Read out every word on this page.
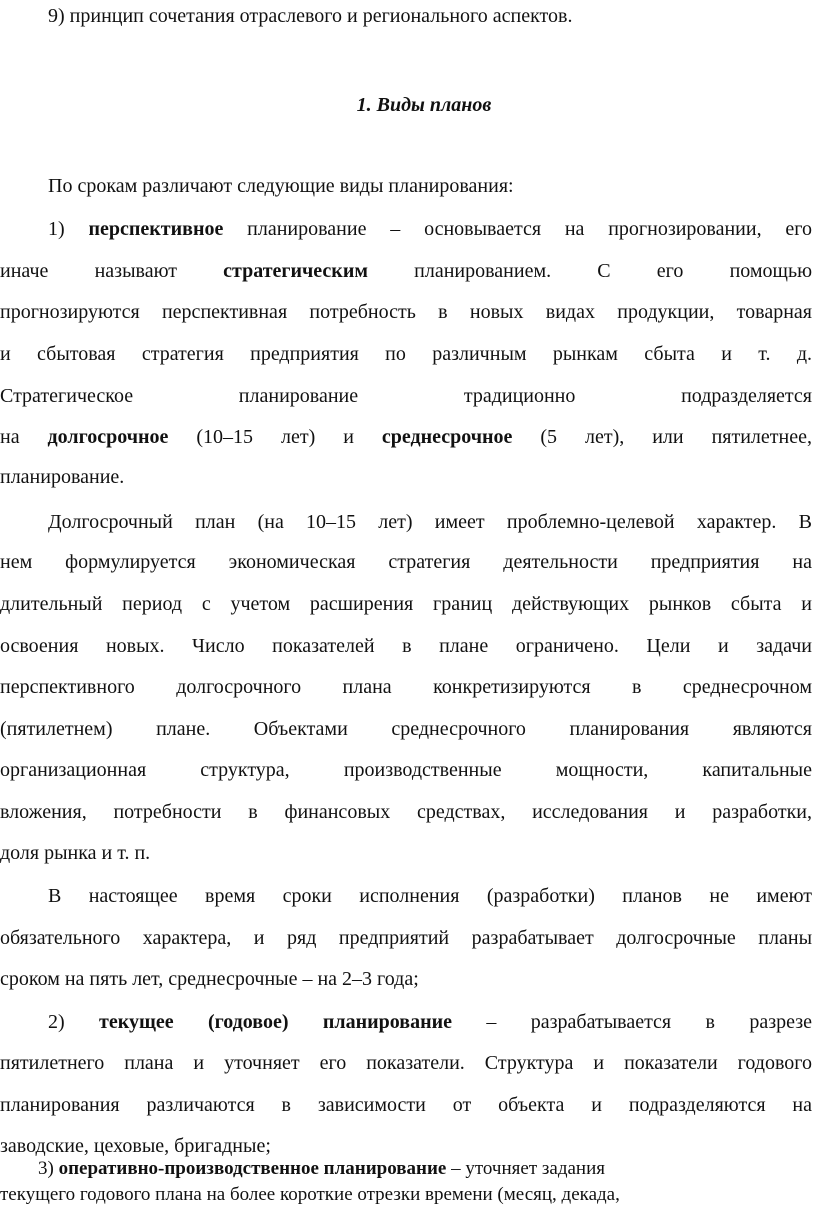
9) принцип сочетания отраслевого и регионального аспектов.
1. Виды планов
По срокам различают следующие виды планирования:
1) перспективное планирование – основывается на прогнозировании, его
иначе называют стратегическим планированием. С его помощью
прогнозируются перспективная потребность в новых видах продукции, товарная
и сбытовая стратегия предприятия по различным рынкам сбыта и т. д.
Стратегическое планирование традиционно подразделяется
на долгосрочное (10–15 лет) и среднесрочное (5 лет), или пятилетнее,
планирование.
Долгосрочный план (на 10–15 лет) имеет проблемно-целевой характер. В
нем формулируется экономическая стратегия деятельности предприятия на
длительный период с учетом расширения границ действующих рынков сбыта и
освоения новых. Число показателей в плане ограничено. Цели и задачи
перспективного долгосрочного плана конкретизируются в среднесрочном
(пятилетнем) плане. Объектами среднесрочного планирования являются
организационная структура, производственные мощности, капитальные
вложения, потребности в финансовых средствах, исследования и разработки,
доля рынка и т. п.
В настоящее время сроки исполнения (разработки) планов не имеют
обязательного характера, и ряд предприятий разрабатывает долгосрочные планы
сроком на пять лет, среднесрочные – на 2–3 года;
2) текущее (годовое) планирование – разрабатывается в разрезе
пятилетнего плана и уточняет его показатели. Структура и показатели годового
планирования различаются в зависимости от объекта и подразделяются на
заводские, цеховые, бригадные;
3) оперативно-производственное планирование – уточняет задания
текущего годового плана на более короткие отрезки времени (месяц, декада,
